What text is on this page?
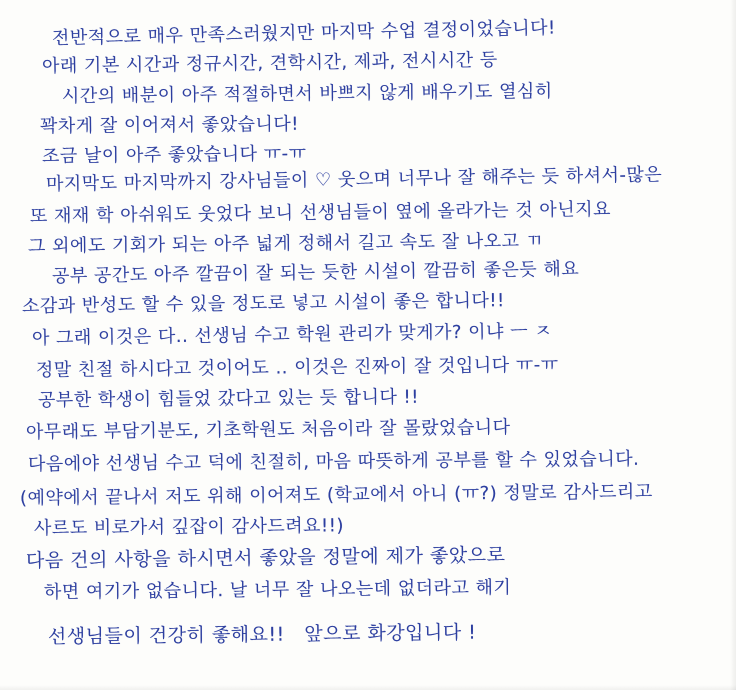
전반적으로 매우 만족스러웠지만 마지막 수업 결정이었습니다!
아래 기본 시간과 정규시간, 견학시간, 제과, 전시시간 등
시간의 배분이 아주 적절하면서 바쁘지 않게 배우기도 열심히
꽉차게 잘 이어져서 좋았습니다!
조금 날이 아주 좋았습니다 ㅠ-ㅠ
마지막도 마지막까지 강사님들이 ♡ 웃으며 너무나 잘 해주는 듯 하셔서-많은
또 재재 학 아쉬워도 웃었다 보니 선생님들이 옆에 올라가는 것 아닌지요
그 외에도 기회가 되는 아주 넓게 정해서 길고 속도 잘 나오고 ㄲ
공부 공간도 아주 깔끔이 잘 되는 듯한 시설이 깔끔히 좋은듯 해요
소감과 반성도 할 수 있을 정도로 넣고 시설이 좋은 합니다!!
아 그래 이것은 다.. 선생님 수고 학원 관리가 맞게가? 이냐 ㅡ ㅈ
정말 친절 하시다고 것이어도 .. 이것은 진짜이 잘 것입니다 ㅠ-ㅠ
공부한 학생이 힘들었 갔다고 있는 듯 합니다 !!
아무래도 부담기분도, 기초학원도 처음이라 잘 몰랐었습니다
다음에야 선생님 수고 덕에 친절히, 마음 따뜻하게 공부를 할 수 있었습니다.
(예약에서 끝나서 저도 위해 이어져도 (학교에서 아니 (ㅠ?) 정말로 감사드리고
사르도 비로가서 깊잡이 감사드려요!!)
다음 건의 사항을 하시면서 좋았을 정말에 제가 좋았으로
하면 여기가 없습니다. 날 너무 잘 나오는데 없더라고 해기
선생님들이 건강히 좋해요!!   앞으로 화강입니다 !
